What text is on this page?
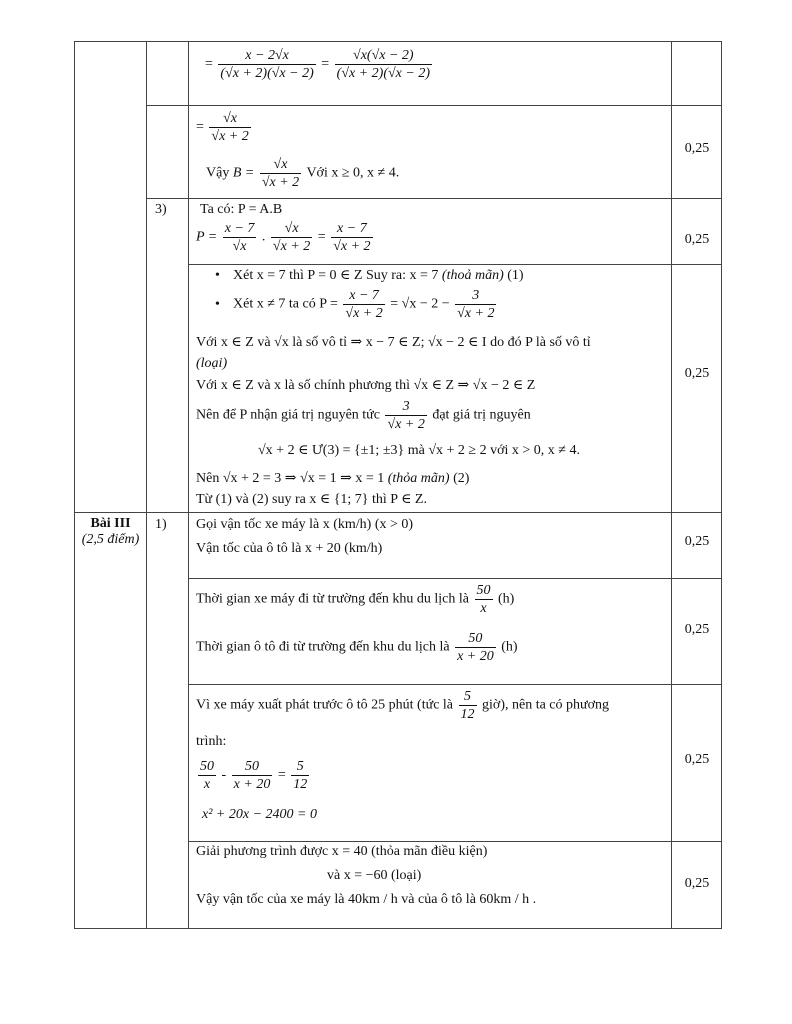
= $\frac{x - 2√x}{(√x + 2)(√x - 2)} = \frac{√x(√x - 2)}{(√x + 2)(√x - 2)}$
= $\frac{√x}{√x + 2}$
Vậy $B = \frac{√x}{√x + 2}$ Với x ≥ 0, x ≠ 4.
0,25
3) Ta có: P = A.B
$P = \frac{x - 7}{√x}$ . $\frac{√x}{√x + 2} = \frac{x - 7}{√x + 2}$	0,25
• Xét x = 7 thì P = 0 ∈ Z Suy ra: x = 7 (thoả mãn) (1)
• Xét x ≠ 7 ta có $P = \frac{x - 7}{√x + 2} = √x - 2 - \frac{3}{√x + 2}$
Với x ∈ Z và √x là số vô tỉ ⇒ x − 7 ∈ Z; √x − 2 ∈ I do đó P là số vô tỉ
(loại)
Với x ∈ Z và x là số chính phương thì √x ∈ Z ⇒ √x − 2 ∈ Z
Nên để P nhận giá trị nguyên tức $\frac{3}{√x + 2}$ đạt giá trị nguyên
√x + 2 ∈ Ư(3) = {±1; ±3} mà √x + 2 ≥ 2 với x > 0, x ≠ 4.
Nên √x + 2 = 3 ⇒ √x = 1 ⇒ x = 1 (thỏa mãn) (2)
Từ (1) và (2) suy ra x ∈ {1; 7} thì P ∈ Z.
0,25
Bài III
(2,5 điểm)
1) Gọi vận tốc xe máy là x (km/h) (x > 0)
Vận tốc của ô tô là x + 20 (km/h)	0,25
Thời gian xe máy đi từ trường đến khu du lịch là $\frac{50}{x} (h)$
Thời gian ô tô đi từ trường đến khu du lịch là $\frac{50}{x + 20} (h)$
0,25
Vì xe máy xuất phát trước ô tô 25 phút (tức là $\frac{5}{12}$ giờ), nên ta có phương
trình:
$\frac{50}{x} - \frac{50}{x + 20} = \frac{5}{12}$
x² + 20x − 2400 = 0
0,25
Giải phương trình được x = 40 (thỏa mãn điều kiện)
và x = −60 (loại)
Vậy vận tốc của xe máy là 40km / h và của ô tô là 60km / h .
0,25
